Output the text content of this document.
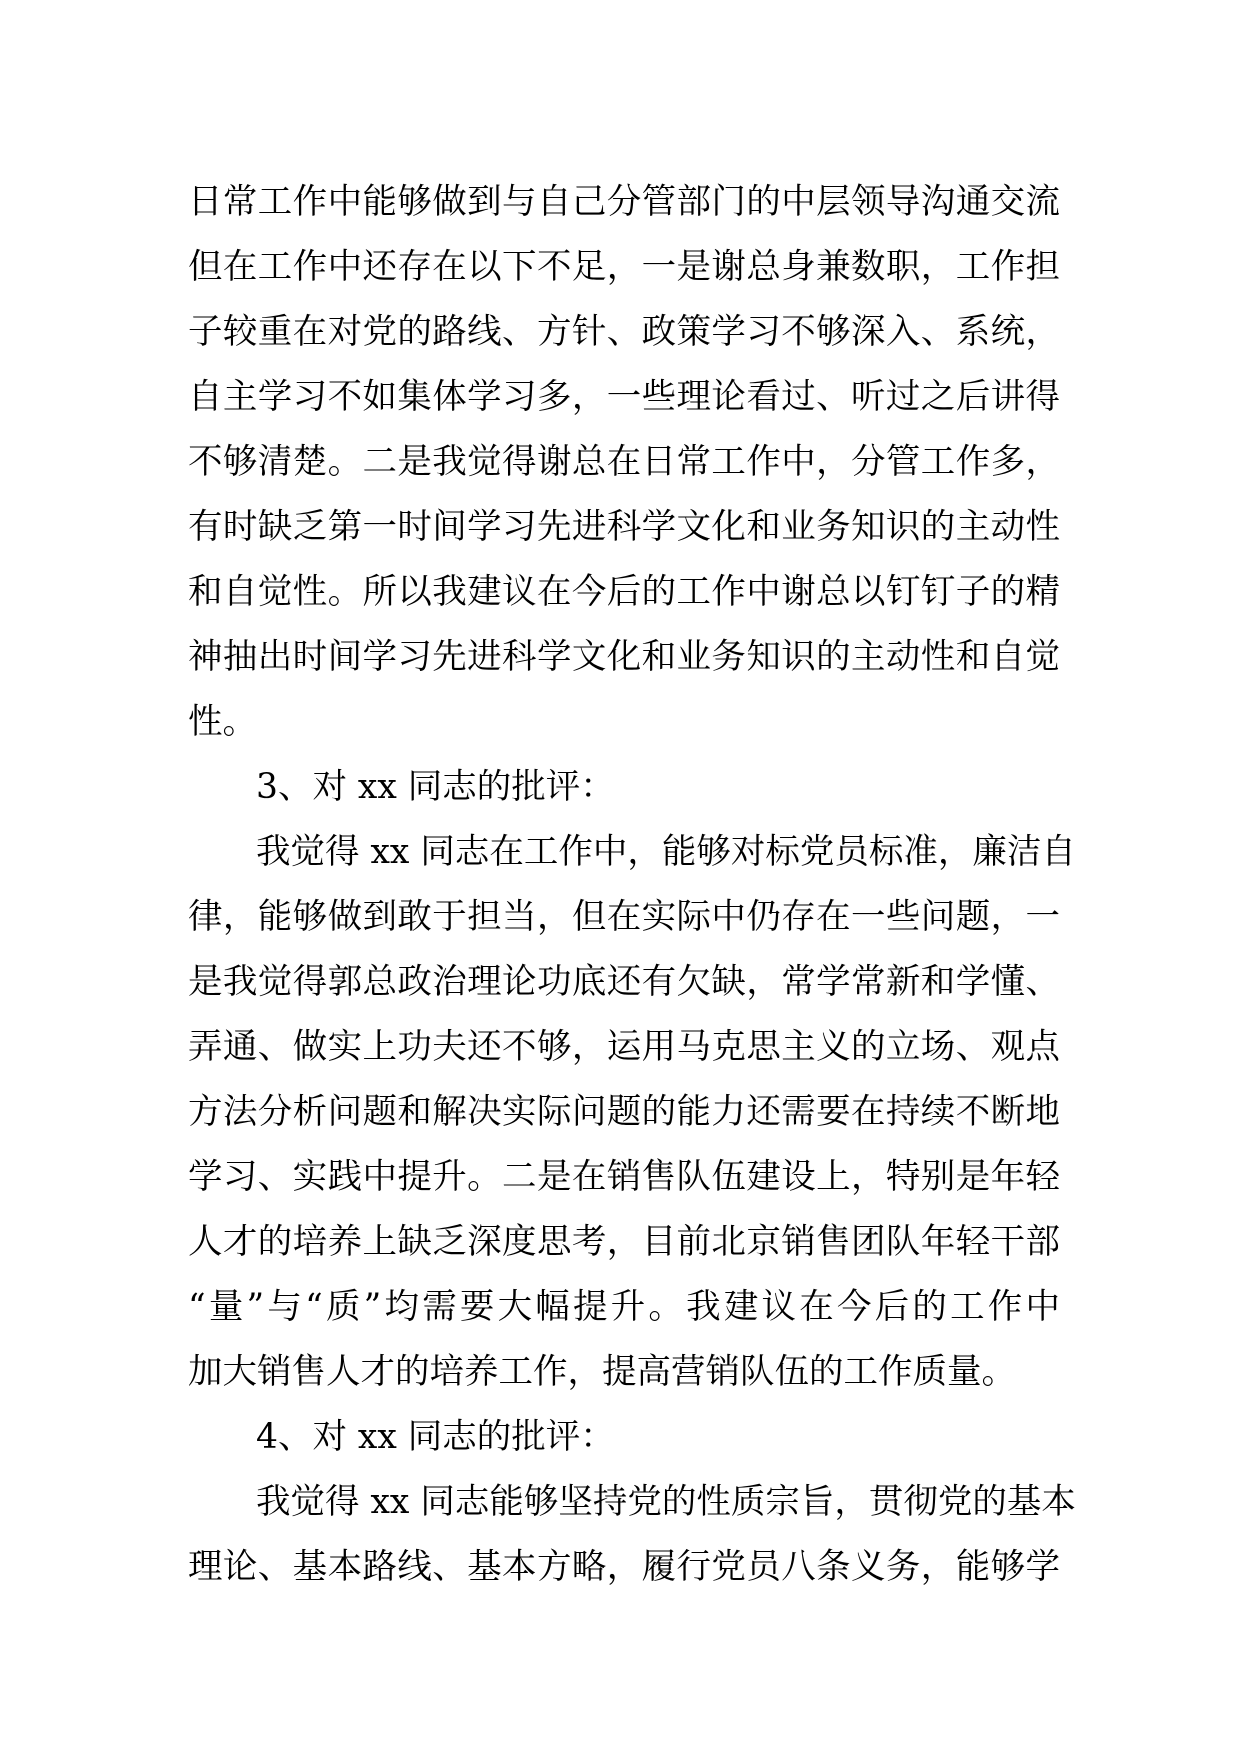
日常工作中能够做到与自己分管部门的中层领导沟通交流
但在工作中还存在以下不足，一是谢总身兼数职，工作担
子较重在对党的路线、方针、政策学习不够深入、系统，
自主学习不如集体学习多，一些理论看过、听过之后讲得
不够清楚。二是我觉得谢总在日常工作中，分管工作多，
有时缺乏第一时间学习先进科学文化和业务知识的主动性
和自觉性。所以我建议在今后的工作中谢总以钉钉子的精
神抽出时间学习先进科学文化和业务知识的主动性和自觉
性。
3、对 xx 同志的批评：
我觉得 xx 同志在工作中，能够对标党员标准，廉洁自
律，能够做到敢于担当，但在实际中仍存在一些问题，一
是我觉得郭总政治理论功底还有欠缺，常学常新和学懂、
弄通、做实上功夫还不够，运用马克思主义的立场、观点
方法分析问题和解决实际问题的能力还需要在持续不断地
学习、实践中提升。二是在销售队伍建设上，特别是年轻
人才的培养上缺乏深度思考，目前北京销售团队年轻干部
“量”与“质”均需要大幅提升。我建议在今后的工作中
加大销售人才的培养工作，提高营销队伍的工作质量。
4、对 xx 同志的批评：
我觉得 xx 同志能够坚持党的性质宗旨，贯彻党的基本
理论、基本路线、基本方略，履行党员八条义务，能够学
